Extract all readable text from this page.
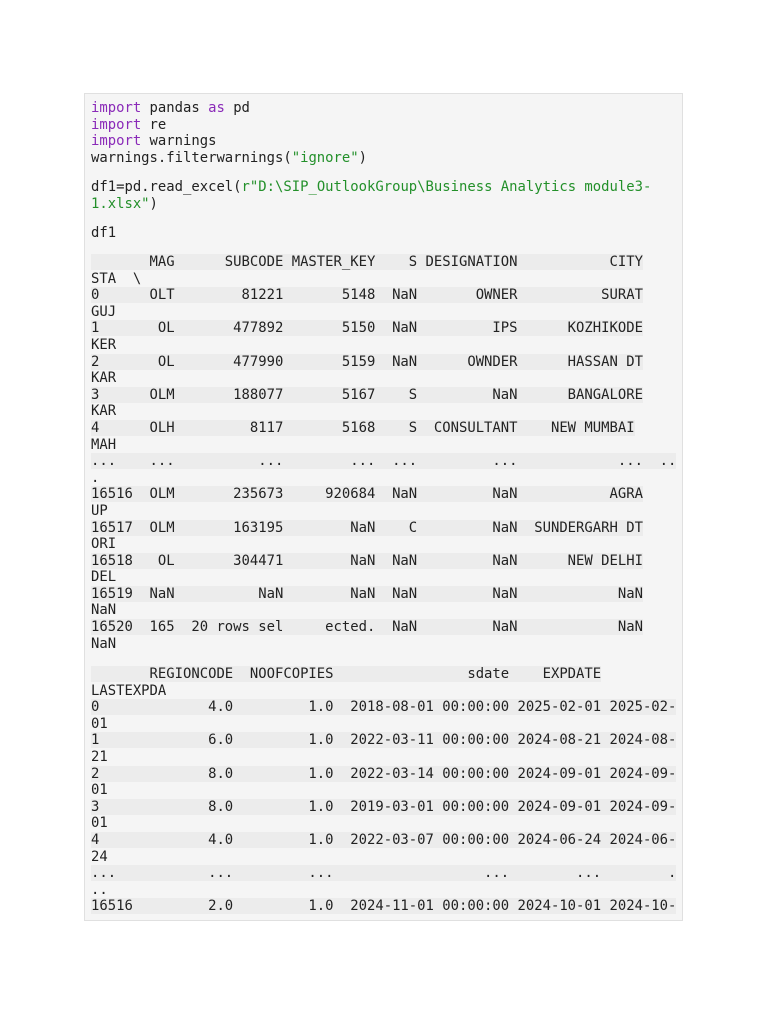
import pandas as pd
import re
import warnings
warnings.filterwarnings("ignore")
df1=pd.read_excel(r"D:\SIP_OutlookGroup\Business Analytics module3-
1.xlsx")
df1
MAG      SUBCODE MASTER_KEY    S DESIGNATION           CITY
STA  \
0      OLT        81221       5148  NaN       OWNER          SURAT
GUJ
1       OL       477892       5150  NaN         IPS      KOZHIKODE
KER
2       OL       477990       5159  NaN      OWNDER      HASSAN DT
KAR
3      OLM       188077       5167    S         NaN      BANGALORE
KAR
4      OLH         8117       5168    S  CONSULTANT    NEW MUMBAI
MAH
...    ...          ...        ...  ...         ...            ...  ..
.
16516  OLM       235673     920684  NaN         NaN           AGRA
UP
16517  OLM       163195        NaN    C         NaN  SUNDERGARH DT
ORI
16518   OL       304471        NaN  NaN         NaN      NEW DELHI
DEL
16519  NaN          NaN        NaN  NaN         NaN            NaN
NaN
16520  165  20 rows sel     ected.  NaN         NaN            NaN
NaN
REGIONCODE  NOOFCOPIES                sdate    EXPDATE
LASTEXPDA
0             4.0         1.0  2018-08-01 00:00:00 2025-02-01 2025-02-
01
1             6.0         1.0  2022-03-11 00:00:00 2024-08-21 2024-08-
21
2             8.0         1.0  2022-03-14 00:00:00 2024-09-01 2024-09-
01
3             8.0         1.0  2019-03-01 00:00:00 2024-09-01 2024-09-
01
4             4.0         1.0  2022-03-07 00:00:00 2024-06-24 2024-06-
24
...           ...         ...                  ...        ...        .
..
16516         2.0         1.0  2024-11-01 00:00:00 2024-10-01 2024-10-
